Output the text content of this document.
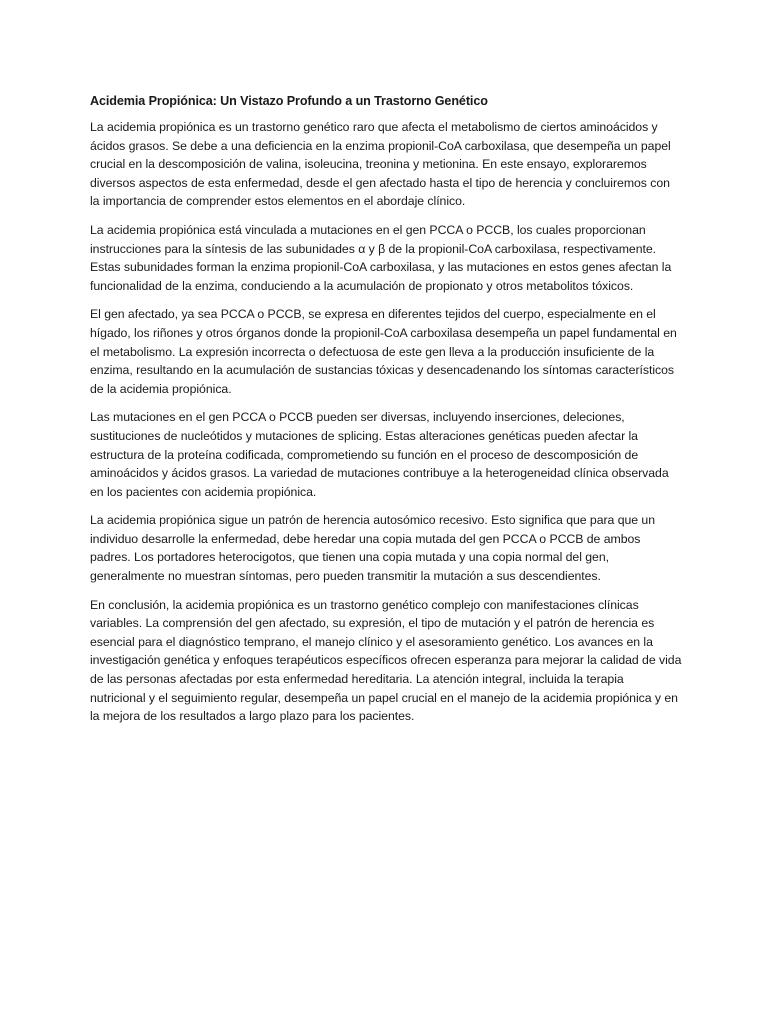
Acidemia Propiónica: Un Vistazo Profundo a un Trastorno Genético

La acidemia propiónica es un trastorno genético raro que afecta el metabolismo de ciertos aminoácidos y ácidos grasos. Se debe a una deficiencia en la enzima propionil-CoA carboxilasa, que desempeña un papel crucial en la descomposición de valina, isoleucina, treonina y metionina. En este ensayo, exploraremos diversos aspectos de esta enfermedad, desde el gen afectado hasta el tipo de herencia y concluiremos con la importancia de comprender estos elementos en el abordaje clínico.

La acidemia propiónica está vinculada a mutaciones en el gen PCCA o PCCB, los cuales proporcionan instrucciones para la síntesis de las subunidades α y β de la propionil-CoA carboxilasa, respectivamente. Estas subunidades forman la enzima propionil-CoA carboxilasa, y las mutaciones en estos genes afectan la funcionalidad de la enzima, conduciendo a la acumulación de propionato y otros metabolitos tóxicos.

El gen afectado, ya sea PCCA o PCCB, se expresa en diferentes tejidos del cuerpo, especialmente en el hígado, los riñones y otros órganos donde la propionil-CoA carboxilasa desempeña un papel fundamental en el metabolismo. La expresión incorrecta o defectuosa de este gen lleva a la producción insuficiente de la enzima, resultando en la acumulación de sustancias tóxicas y desencadenando los síntomas característicos de la acidemia propiónica.

Las mutaciones en el gen PCCA o PCCB pueden ser diversas, incluyendo inserciones, deleciones, sustituciones de nucleótidos y mutaciones de splicing. Estas alteraciones genéticas pueden afectar la estructura de la proteína codificada, comprometiendo su función en el proceso de descomposición de aminoácidos y ácidos grasos. La variedad de mutaciones contribuye a la heterogeneidad clínica observada en los pacientes con acidemia propiónica.

La acidemia propiónica sigue un patrón de herencia autosómico recesivo. Esto significa que para que un individuo desarrolle la enfermedad, debe heredar una copia mutada del gen PCCA o PCCB de ambos padres. Los portadores heterocigotos, que tienen una copia mutada y una copia normal del gen, generalmente no muestran síntomas, pero pueden transmitir la mutación a sus descendientes.

En conclusión, la acidemia propiónica es un trastorno genético complejo con manifestaciones clínicas variables. La comprensión del gen afectado, su expresión, el tipo de mutación y el patrón de herencia es esencial para el diagnóstico temprano, el manejo clínico y el asesoramiento genético. Los avances en la investigación genética y enfoques terapéuticos específicos ofrecen esperanza para mejorar la calidad de vida de las personas afectadas por esta enfermedad hereditaria. La atención integral, incluida la terapia nutricional y el seguimiento regular, desempeña un papel crucial en el manejo de la acidemia propiónica y en la mejora de los resultados a largo plazo para los pacientes.
